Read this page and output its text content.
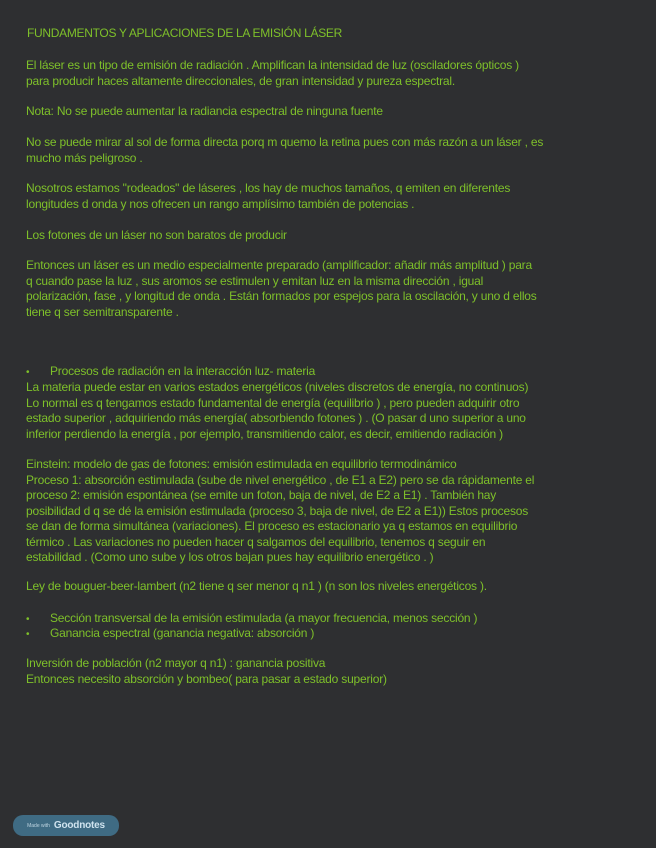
FUNDAMENTOS Y APLICACIONES DE LA EMISIÓN LÁSER
El láser es un tipo de emisión de radiación . Amplifican la intensidad de luz (osciladores ópticos )
para producir haces altamente direccionales, de gran intensidad y pureza espectral.
Nota: No se puede aumentar la radiancia espectral de ninguna fuente
No se puede mirar al sol de forma directa porq m quemo la retina pues con más razón a un láser , es
mucho más peligroso .
Nosotros estamos "rodeados" de láseres , los hay de muchos tamaños, q emiten en diferentes
longitudes d onda y nos ofrecen un rango amplísimo también de potencias .
Los fotones de un láser no son baratos de producir
Entonces un láser es un medio especialmente preparado (amplificador: añadir más amplitud ) para
q cuando pase la luz , sus aromos se estimulen y emitan luz en la misma dirección , igual
polarización, fase , y longitud de onda . Están formados por espejos para la oscilación, y uno d ellos
tiene q ser semitransparente .
•	Procesos de radiación en la interacción luz- materia
La materia puede estar en varios estados energéticos (niveles discretos de energía, no continuos)
Lo normal es q tengamos estado fundamental de energía (equilibrio ) , pero pueden adquirir otro
estado superior , adquiriendo más energía( absorbiendo fotones ) . (O pasar d uno superior a uno
inferior perdiendo la energía , por ejemplo, transmitiendo calor, es decir, emitiendo radiación )
Einstein: modelo de gas de fotones: emisión estimulada en equilibrio termodinámico
Proceso 1: absorción estimulada (sube de nivel energético , de E1 a E2) pero se da rápidamente el
proceso 2: emisión espontánea (se emite un foton, baja de nivel, de E2 a E1) . También hay
posibilidad d q se dé la emisión estimulada (proceso 3, baja de nivel, de E2 a E1)) Estos procesos
se dan de forma simultánea (variaciones). El proceso es estacionario ya q estamos en equilibrio
térmico . Las variaciones no pueden hacer q salgamos del equilibrio, tenemos q seguir en
estabilidad . (Como uno sube y los otros bajan pues hay equilibrio energético . )
Ley de bouguer-beer-lambert (n2 tiene q ser menor q n1 ) (n son los niveles energéticos ).
•	Sección transversal de la emisión estimulada (a mayor frecuencia, menos sección )
•	Ganancia espectral (ganancia negativa: absorción )
Inversión de población (n2 mayor q n1) : ganancia positiva
Entonces necesito absorción y bombeo( para pasar a estado superior)
Made with Goodnotes
